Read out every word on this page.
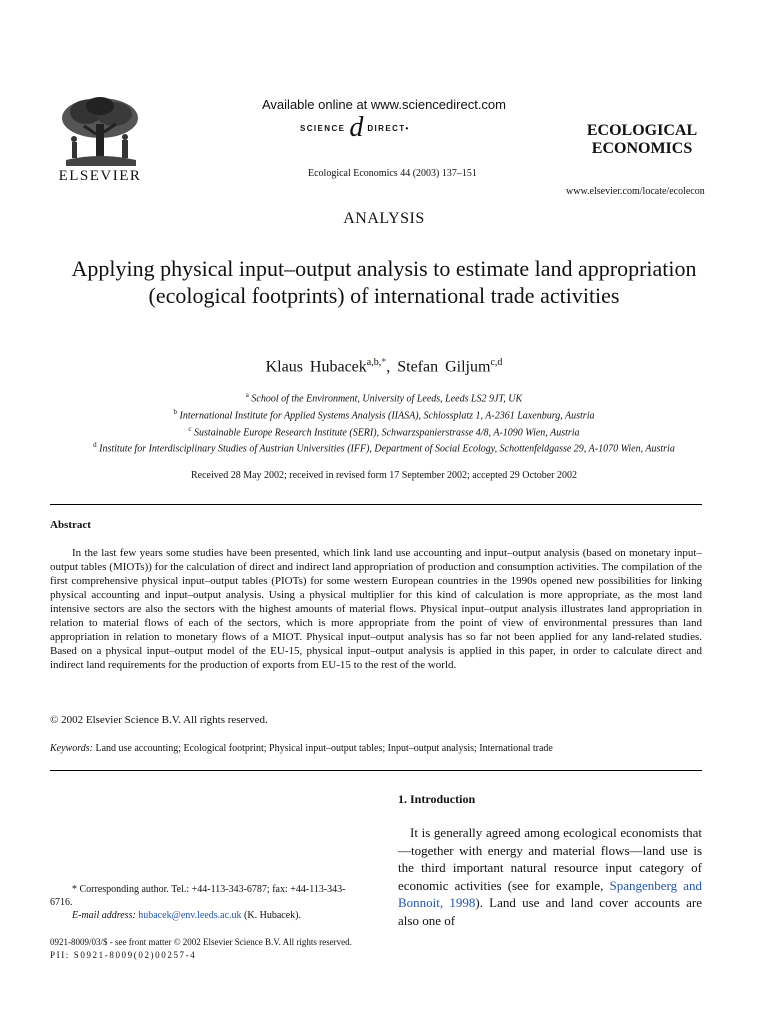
ELSEVIER
Available online at www.sciencedirect.com
SCIENCE d DIRECT•
Ecological Economics 44 (2003) 137–151
ECOLOGICAL
ECONOMICS
www.elsevier.com/locate/ecolecon
ANALYSIS
Applying physical input–output analysis to estimate land appropriation (ecological footprints) of international trade activities
Klaus Hubacek$^{a,b,*}$, Stefan Giljum$^{c,d}$
$^a$ School of the Environment, University of Leeds, Leeds LS2 9JT, UK
$^b$ International Institute for Applied Systems Analysis (IIASA), Schlossplatz 1, A-2361 Laxenburg, Austria
$^c$ Sustainable Europe Research Institute (SERI), Schwarzspanierstrasse 4/8, A-1090 Wien, Austria
$^d$ Institute for Interdisciplinary Studies of Austrian Universities (IFF), Department of Social Ecology, Schottenfeldgasse 29, A-1070 Wien, Austria
Received 28 May 2002; received in revised form 17 September 2002; accepted 29 October 2002
Abstract
In the last few years some studies have been presented, which link land use accounting and input–output analysis (based on monetary input–output tables (MIOTs)) for the calculation of direct and indirect land appropriation of production and consumption activities. The compilation of the first comprehensive physical input–output tables (PIOTs) for some western European countries in the 1990s opened new possibilities for linking physical accounting and input–output analysis. Using a physical multiplier for this kind of calculation is more appropriate, as the most land intensive sectors are also the sectors with the highest amounts of material flows. Physical input–output analysis illustrates land appropriation in relation to material flows of each of the sectors, which is more appropriate from the point of view of environmental pressures than land appropriation in relation to monetary flows of a MIOT. Physical input–output analysis has so far not been applied for any land-related studies. Based on a physical input–output model of the EU-15, physical input–output analysis is applied in this paper, in order to calculate direct and indirect land requirements for the production of exports from EU-15 to the rest of the world.
© 2002 Elsevier Science B.V. All rights reserved.
Keywords: Land use accounting; Ecological footprint; Physical input–output tables; Input–output analysis; International trade
1. Introduction
It is generally agreed among ecological economists that—together with energy and material flows—land use is the third important natural resource input category of economic activities (see for example, Spangenberg and Bonnoit, 1998). Land use and land cover accounts are also one of
* Corresponding author. Tel.: +44-113-343-6787; fax: +44-113-343-6716.
E-mail address: hubacek@env.leeds.ac.uk (K. Hubacek).
0921-8009/03/$ - see front matter © 2002 Elsevier Science B.V. All rights reserved.
PII: S0921-8009(02)00257-4
